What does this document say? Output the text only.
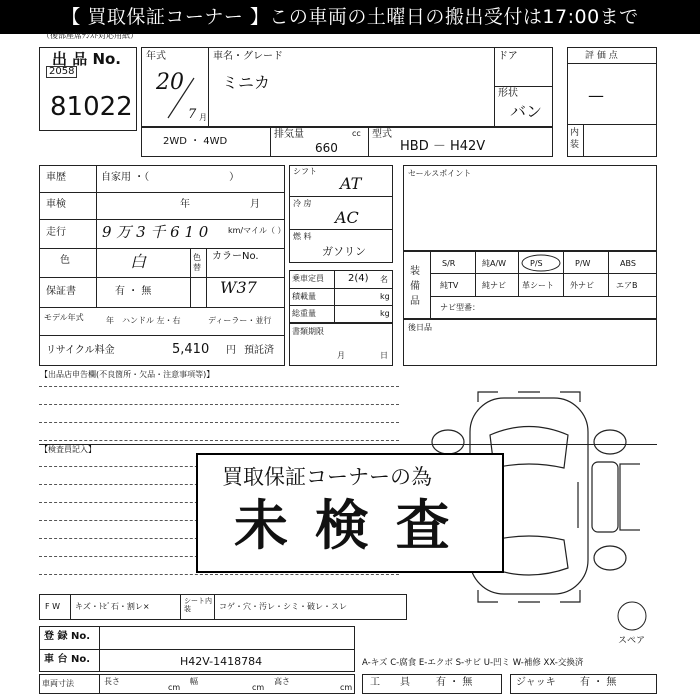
【 買取保証コーナー 】この車両の土曜日の搬出受付は17:00まで
（後部座席ﾃﾝｽﾄ対応用紙）
出 品 No.
2058
81022
年式
20
7 月
車名・グレード
ミニカ
ドア
形状
バン
評 価 点
—
内装
2WD ・ 4WD
排気量	cc
660
型式
HBD － H42V
車歴	自家用 ・（　　　　　　　　）
車検	年	月
走行 9 万 3 千 6 1 0 km/マイル（ ）
色	白	色替
カラーNo.
W37
保証書	有 ・ 無
モデル年式	年 ハンドル 左・右	ディーラー・並行
リサイクル料金	5,410 円 預託済
シフト
AT
冷 房
AC
燃 料
ガソリン
乗車定員 2(4) 名
積載量	kg
総重量	kg
書類期限
月	日
セールスポイント
装備品
S/R	純A/W	P/S	P/W	ABS
純TV	純ナビ 革シート 外ナビ	エアB
ナビ型番：
後日品
【出品店申告欄(不良箇所・欠品・注意事項等)】
【検査員記入】
買取保証コーナーの為
未 検 査
F W キズ・ﾄﾋﾞ石・割レ×
シート内装	コゲ・穴・汚レ・シミ・破レ・スレ
登 録 No.
車 台 No.	H42V-1418784
車両寸法	長さ
cm
幅
cm
高さ
cm
スペア
A-キズ C-腐食 E-エクボ S-サビ U-凹ミ W-補修 XX-交換済
工　　具	有 ・ 無	ジャッキ 有 ・ 無
